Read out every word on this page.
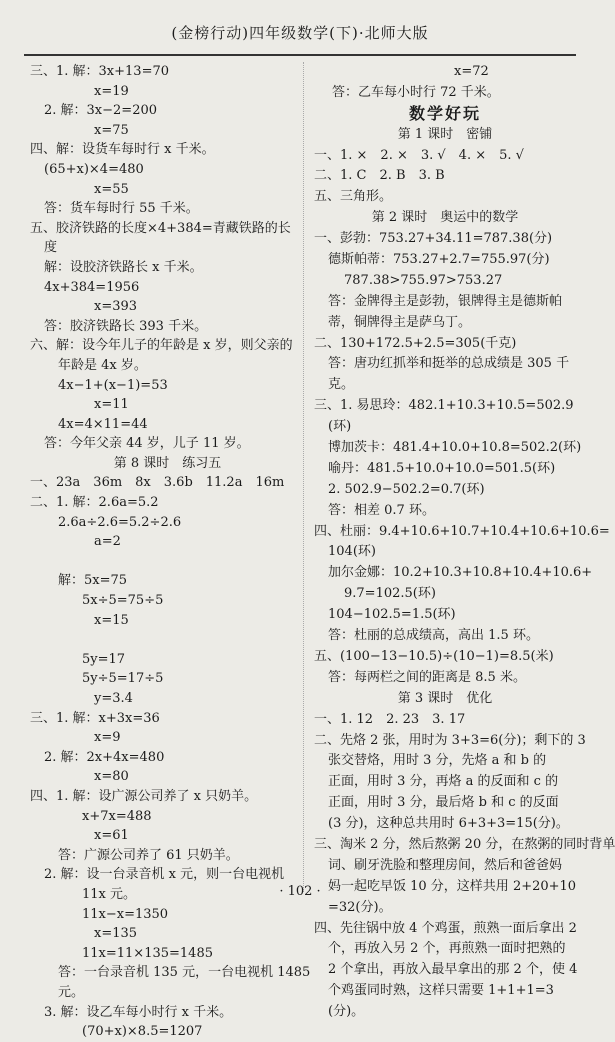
(金榜行动)四年级数学(下)·北师大版
三、1. 解：3x+13=70
x=19
2. 解：3x−2=200
x=75
四、解：设货车每时行 x 千米。
(65+x)×4=480
x=55
答：货车每时行 55 千米。
五、胶济铁路的长度×4+384=青藏铁路的长
度
解：设胶济铁路长 x 千米。
4x+384=1956
x=393
答：胶济铁路长 393 千米。
六、解：设今年儿子的年龄是 x 岁，则父亲的
年龄是 4x 岁。
4x−1+(x−1)=53
x=11
4x=4×11=44
答：今年父亲 44 岁，儿子 11 岁。
第 8 课时　练习五
一、23a　36m　8x　3.6b　11.2a　16m
二、1. 解：2.6a=5.2
2.6a÷2.6=5.2÷2.6
a=2
解：5x=75
5x÷5=75÷5
x=15
5y=17
5y÷5=17÷5
y=3.4
三、1. 解：x+3x=36
x=9
2. 解：2x+4x=480
x=80
四、1. 解：设广源公司养了 x 只奶羊。
x+7x=488
x=61
答：广源公司养了 61 只奶羊。
2. 解：设一台录音机 x 元，则一台电视机
11x 元。
11x−x=1350
x=135
11x=11×135=1485
答：一台录音机 135 元，一台电视机 1485
元。
3. 解：设乙车每小时行 x 千米。
(70+x)×8.5=1207
x=72
答：乙车每小时行 72 千米。
数学好玩
第 1 课时　密铺
一、1. ×　2. ×　3. √　4. ×　5. √
二、1. C　2. B　3. B
五、三角形。
第 2 课时　奥运中的数学
一、彭勃：753.27+34.11=787.38(分)
德斯帕蒂：753.27+2.7=755.97(分)
787.38>755.97>753.27
答：金牌得主是彭勃，银牌得主是德斯帕
蒂，铜牌得主是萨乌丁。
二、130+172.5+2.5=305(千克)
答：唐功红抓举和挺举的总成绩是 305 千
克。
三、1. 易思玲：482.1+10.3+10.5=502.9
(环)
博加茨卡：481.4+10.0+10.8=502.2(环)
喻丹：481.5+10.0+10.0=501.5(环)
2. 502.9−502.2=0.7(环)
答：相差 0.7 环。
四、杜丽：9.4+10.6+10.7+10.4+10.6+10.6=
104(环)
加尔金娜：10.2+10.3+10.8+10.4+10.6+
9.7=102.5(环)
104−102.5=1.5(环)
答：杜丽的总成绩高，高出 1.5 环。
五、(100−13−10.5)÷(10−1)=8.5(米)
答：每两栏之间的距离是 8.5 米。
第 3 课时　优化
一、1. 12　2. 23　3. 17
二、先烙 2 张，用时为 3+3=6(分)；剩下的 3
张交替烙，用时 3 分，先烙 a 和 b 的
正面，用时 3 分，再烙 a 的反面和 c 的
正面，用时 3 分，最后烙 b 和 c 的反面
(3 分)，这种总共用时 6+3+3=15(分)。
三、淘米 2 分，然后熬粥 20 分，在熬粥的同时背单
词、刷牙洗脸和整理房间，然后和爸爸妈
妈一起吃早饭 10 分，这样共用 2+20+10
=32(分)。
四、先往锅中放 4 个鸡蛋，煎熟一面后拿出 2
个，再放入另 2 个，再煎熟一面时把熟的
2 个拿出，再放入最早拿出的那 2 个，使 4
个鸡蛋同时熟，这样只需要 1+1+1=3
(分)。
· 102 ·
